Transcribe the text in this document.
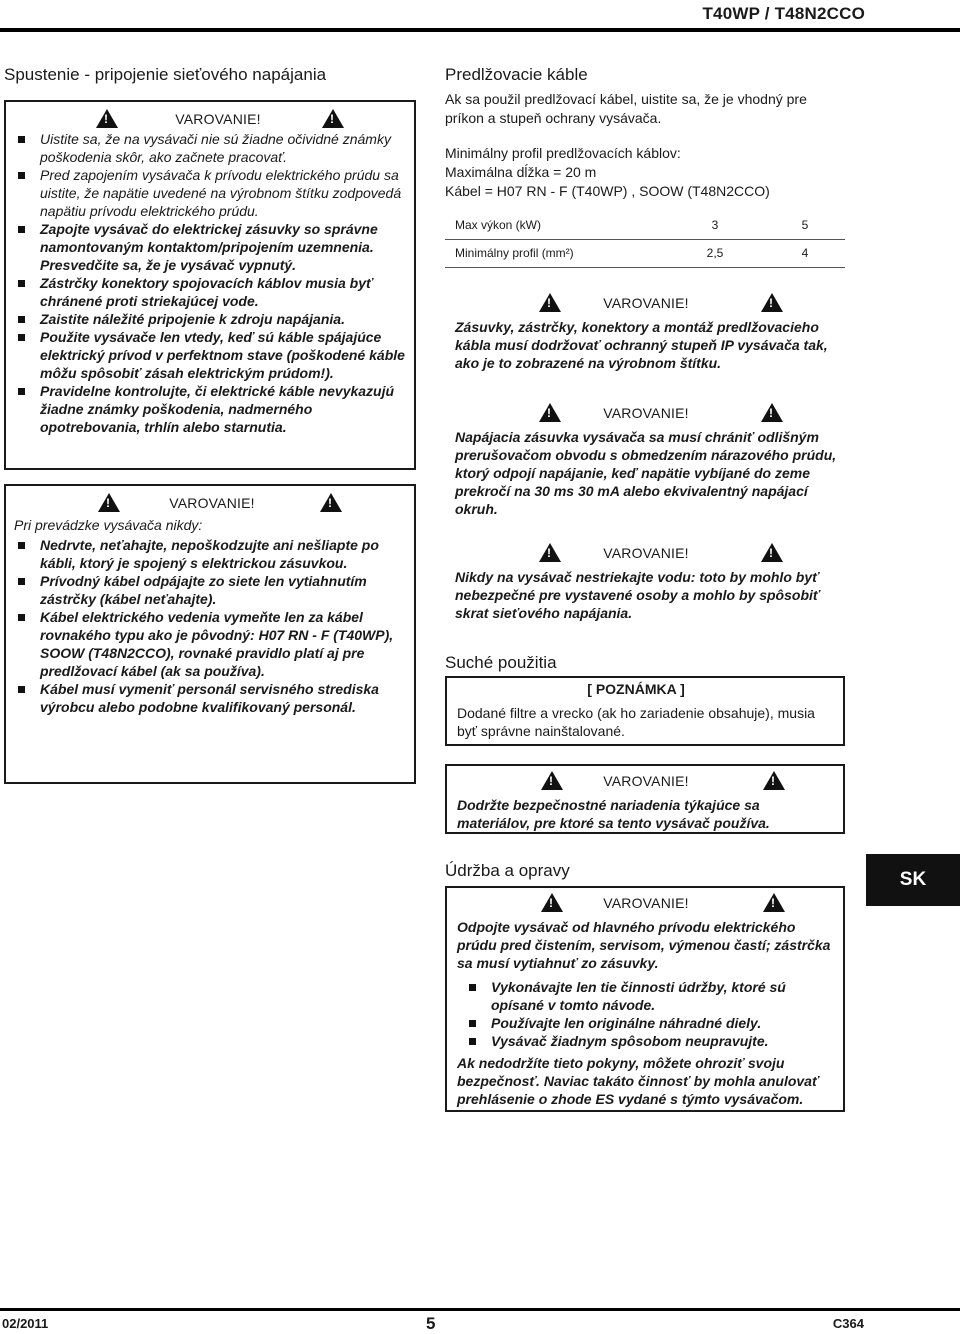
T40WP / T48N2CCO
Spustenie - pripojenie sieťového napájania
!
VAROVANIE!
!
Uistite sa, že na vysávači nie sú žiadne očividné známky poškodenia skôr, ako začnete pracovať.
Pred zapojením vysávača k prívodu elektrického prúdu sa uistite, že napätie uvedené na výrobnom štítku zodpovedá napätiu prívodu elektrického prúdu.
Zapojte vysávač do elektrickej zásuvky so správne namontovaným kontaktom/pripojením uzemnenia. Presvedčite sa, že je vysávač vypnutý.
Zástrčky konektory spojovacích káblov musia byť chránené proti striekajúcej vode.
Zaistite náležité pripojenie k zdroju napájania.
Použite vysávače len vtedy, keď sú káble spájajúce elektrický prívod v perfektnom stave (poškodené káble môžu spôsobiť zásah elektrickým prúdom!).
Pravidelne kontrolujte, či elektrické káble nevykazujú žiadne známky poškodenia, nadmerného opotrebovania, trhlín alebo starnutia.
!
VAROVANIE!
!
Pri prevádzke vysávača nikdy:
Nedrvte, neťahajte, nepoškodzujte ani nešliapte po kábli, ktorý je spojený s elektrickou zásuvkou.
Prívodný kábel odpájajte zo siete len vytiahnutím zástrčky (kábel neťahajte).
Kábel elektrického vedenia vymeňte len za kábel rovnakého typu ako je pôvodný: H07 RN - F (T40WP), SOOW (T48N2CCO), rovnaké pravidlo platí aj pre predlžovací kábel (ak sa používa).
Kábel musí vymeniť personál servisného strediska výrobcu alebo podobne kvalifikovaný personál.
Predlžovacie káble
Ak sa použil predlžovací kábel, uistite sa, že je vhodný pre príkon a stupeň ochrany vysávača.
Minimálny profil predlžovacích káblov:
Maximálna dĺžka = 20 m
Kábel = H07 RN - F (T40WP) , SOOW (T48N2CCO)
Max výkon (kW)	3	5
Minimálny profil (mm²)	2,5	4
!
VAROVANIE!
!
Zásuvky, zástrčky, konektory a montáž predlžovacieho kábla musí dodržovať ochranný stupeň IP vysávača tak, ako je to zobrazené na výrobnom štítku.
!
VAROVANIE!
!
Napájacia zásuvka vysávača sa musí chrániť odlišným prerušovačom obvodu s obmedzením nárazového prúdu, ktorý odpojí napájanie, keď napätie vybíjané do zeme prekročí na 30 ms 30 mA alebo ekvivalentný napájací okruh.
!
VAROVANIE!
!
Nikdy na vysávač nestriekajte vodu: toto by mohlo byť nebezpečné pre vystavené osoby a mohlo by spôsobiť skrat sieťového napájania.
Suché použitia
[ POZNÁMKA ]
Dodané filtre a vrecko (ak ho zariadenie obsahuje), musia byť správne nainštalované.
!
VAROVANIE!
!
Dodržte bezpečnostné nariadenia týkajúce sa materiálov, pre ktoré sa tento vysávač používa.
Údržba a opravy
!
VAROVANIE!
!
Odpojte vysávač od hlavného prívodu elektrického prúdu pred čistením, servisom, výmenou častí; zástrčka sa musí vytiahnuť zo zásuvky.
Vykonávajte len tie činnosti údržby, ktoré sú opísané v tomto návode.
Používajte len originálne náhradné diely.
Vysávač žiadnym spôsobom neupravujte.
Ak nedodržíte tieto pokyny, môžete ohroziť svoju bezpečnosť. Naviac takáto činnosť by mohla anulovať prehlásenie o zhode ES vydané s týmto vysávačom.
SK
02/2011	5	C364
